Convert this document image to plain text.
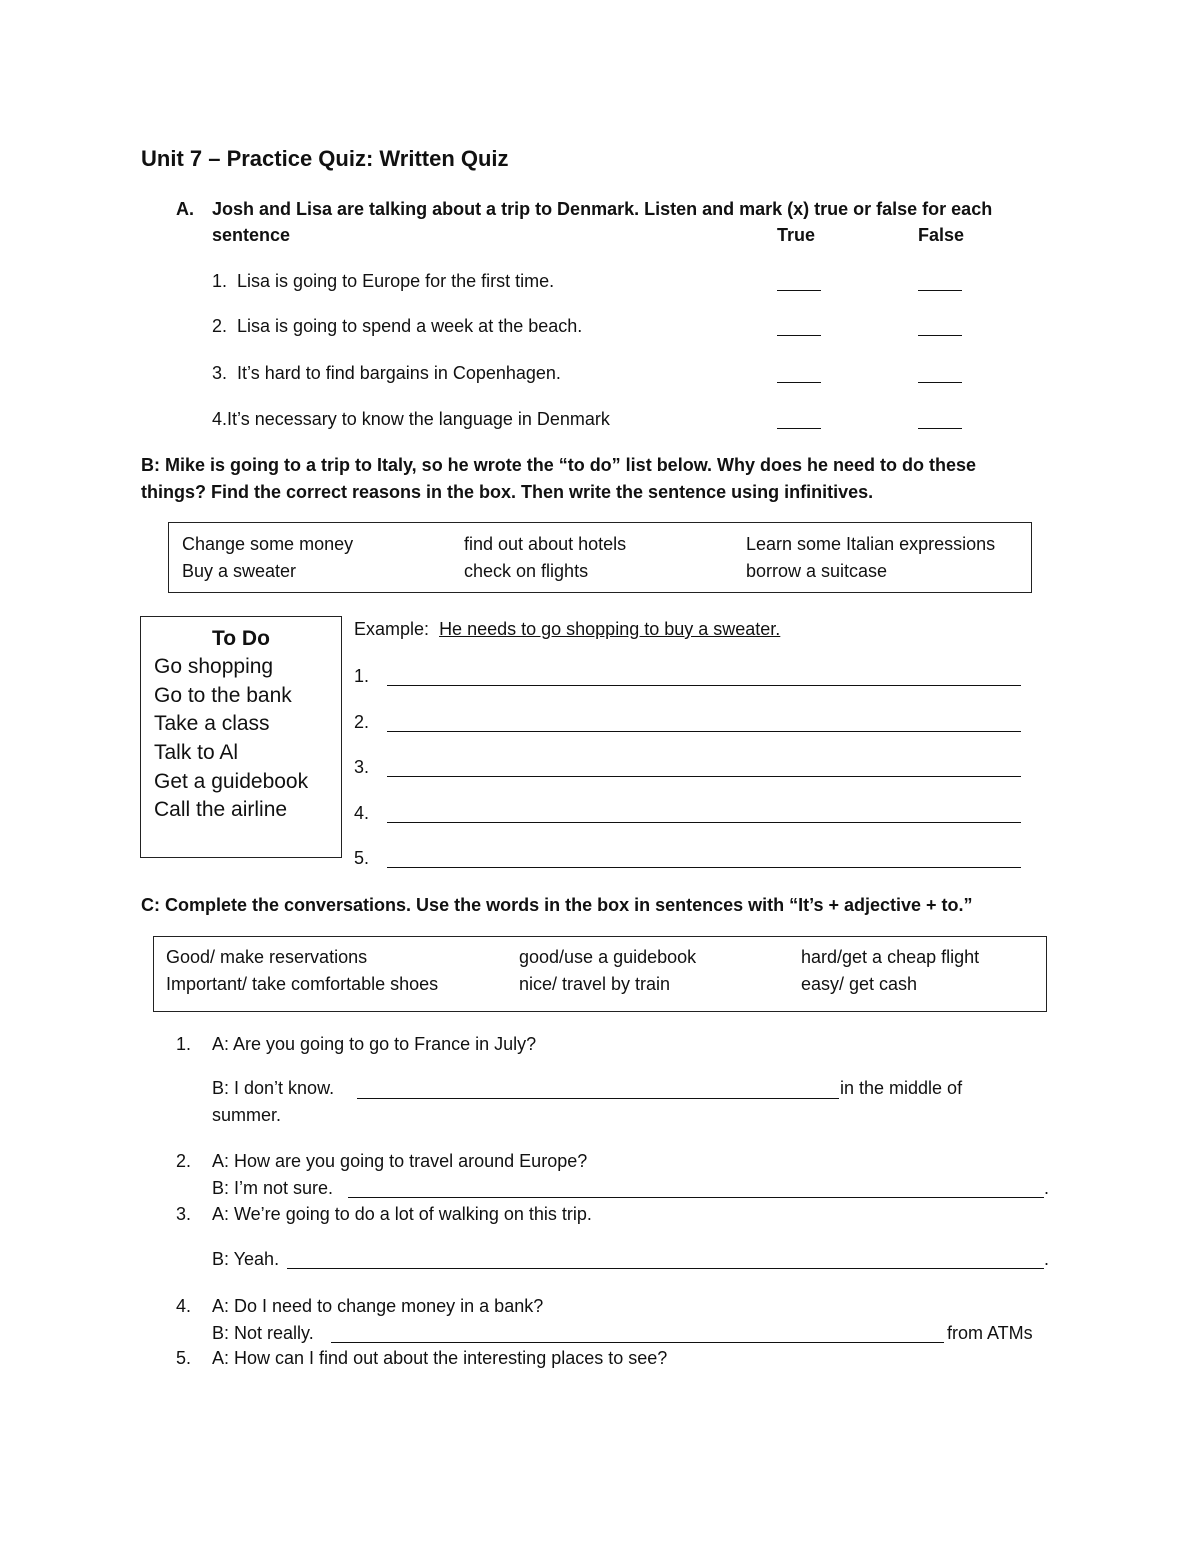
Unit 7 – Practice Quiz: Written Quiz
A. Josh and Lisa are talking about a trip to Denmark. Listen and mark (x) true or false for each
sentence	True	False
1. Lisa is going to Europe for the first time.
2. Lisa is going to spend a week at the beach.
3. It’s hard to find bargains in Copenhagen.
4.It’s necessary to know the language in Denmark
B: Mike is going to a trip to Italy, so he wrote the “to do” list below. Why does he need to do these
things? Find the correct reasons in the box. Then write the sentence using infinitives.
Change some money	find out about hotels	Learn some Italian expressions
Buy a sweater	check on flights	borrow a suitcase
To Do
Go shopping
Go to the bank
Take a class
Talk to Al
Get a guidebook
Call the airline
Example: He needs to go shopping to buy a sweater.
1.
2.
3.
4.
5.
C: Complete the conversations. Use the words in the box in sentences with “It’s + adjective + to.”
Good/ make reservations	good/use a guidebook	hard/get a cheap flight
Important/ take comfortable shoes	nice/ travel by train	easy/ get cash
1. A: Are you going to go to France in July?
B: I don’t know.	in the middle of
summer.
2. A: How are you going to travel around Europe?
B: I’m not sure.	.
3. A: We’re going to do a lot of walking on this trip.
B: Yeah.	.
4. A: Do I need to change money in a bank?
B: Not really.	from ATMs
5. A: How can I find out about the interesting places to see?
